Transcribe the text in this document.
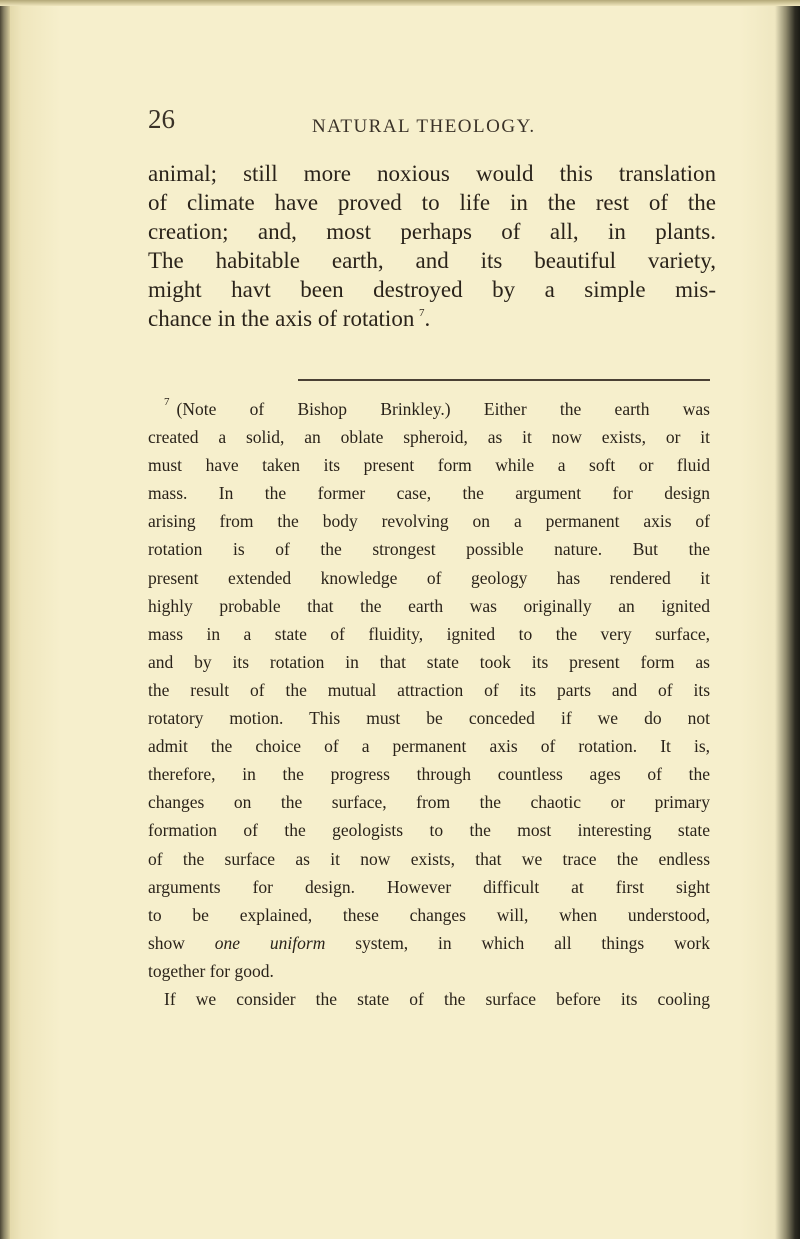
26	NATURAL THEOLOGY.
animal; still more noxious would this translation
of climate have proved to life in the rest of the
creation; and, most perhaps of all, in plants.
The habitable earth, and its beautiful variety,
might havt been destroyed by a simple mis-
chance in the axis of rotation  $^7$.
$^7$   (Note of Bishop Brinkley.) Either the earth was
created a solid, an oblate spheroid, as it now exists, or it
must have taken its present form while a soft or fluid
mass. In the former case, the argument for design
arising from the body revolving on a permanent axis of
rotation is of the strongest possible nature. But the
present extended knowledge of geology has rendered it
highly probable that the earth was originally an ignited
mass in a state of fluidity, ignited to the very surface,
and by its rotation in that state took its present form as
the result of the mutual attraction of its parts and of its
rotatory motion. This must be conceded if we do not
admit the choice of a permanent axis of rotation. It is,
therefore, in the progress through countless ages of the
changes on the surface, from the chaotic or primary
formation of the geologists to the most interesting state
of the surface as it now exists, that we trace the endless
arguments for design. However difficult at first sight
to be explained, these changes will, when understood,
show one uniform system, in which all things work
together for good.
If we consider the state of the surface before its cooling
